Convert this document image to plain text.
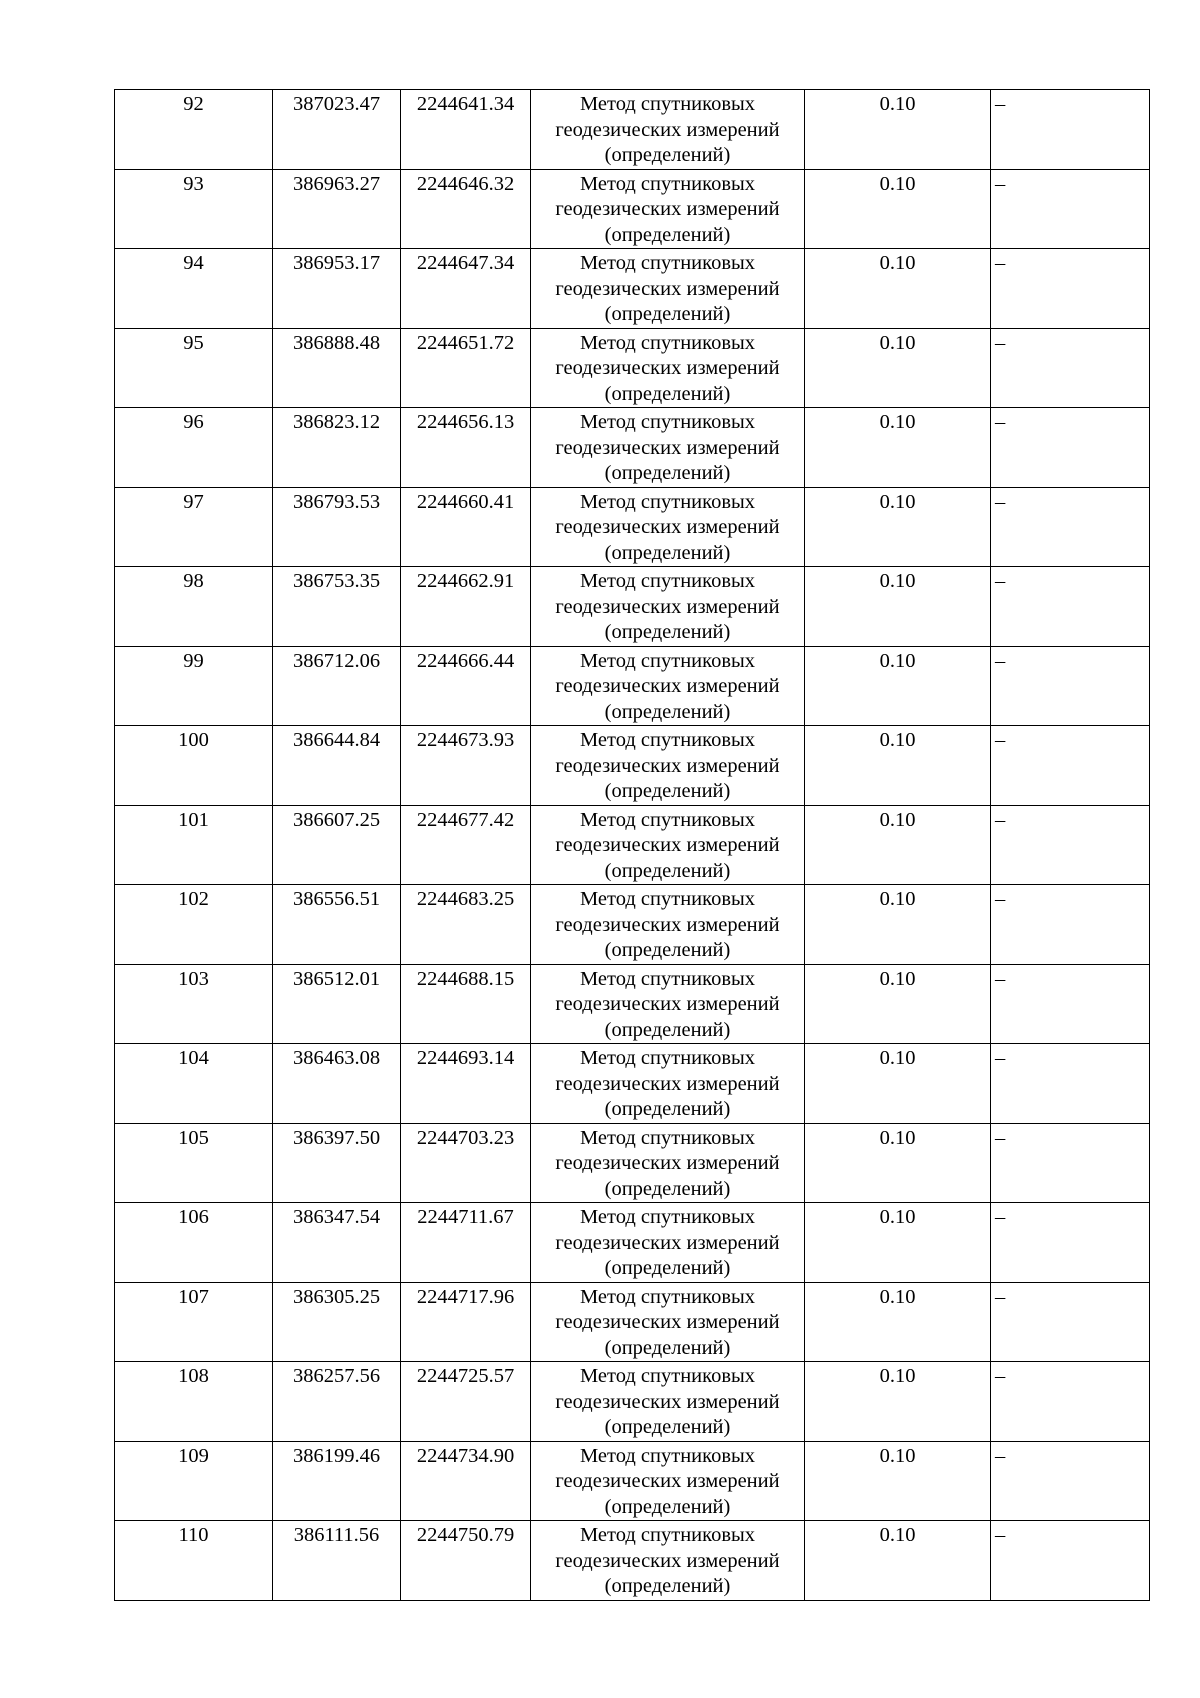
92	387023.47	2244641.34	Метод спутниковых
геодезических измерений
(определений)	0.10	–
93	386963.27	2244646.32	Метод спутниковых
геодезических измерений
(определений)	0.10	–
94	386953.17	2244647.34	Метод спутниковых
геодезических измерений
(определений)	0.10	–
95	386888.48	2244651.72	Метод спутниковых
геодезических измерений
(определений)	0.10	–
96	386823.12	2244656.13	Метод спутниковых
геодезических измерений
(определений)	0.10	–
97	386793.53	2244660.41	Метод спутниковых
геодезических измерений
(определений)	0.10	–
98	386753.35	2244662.91	Метод спутниковых
геодезических измерений
(определений)	0.10	–
99	386712.06	2244666.44	Метод спутниковых
геодезических измерений
(определений)	0.10	–
100	386644.84	2244673.93	Метод спутниковых
геодезических измерений
(определений)	0.10	–
101	386607.25	2244677.42	Метод спутниковых
геодезических измерений
(определений)	0.10	–
102	386556.51	2244683.25	Метод спутниковых
геодезических измерений
(определений)	0.10	–
103	386512.01	2244688.15	Метод спутниковых
геодезических измерений
(определений)	0.10	–
104	386463.08	2244693.14	Метод спутниковых
геодезических измерений
(определений)	0.10	–
105	386397.50	2244703.23	Метод спутниковых
геодезических измерений
(определений)	0.10	–
106	386347.54	2244711.67	Метод спутниковых
геодезических измерений
(определений)	0.10	–
107	386305.25	2244717.96	Метод спутниковых
геодезических измерений
(определений)	0.10	–
108	386257.56	2244725.57	Метод спутниковых
геодезических измерений
(определений)	0.10	–
109	386199.46	2244734.90	Метод спутниковых
геодезических измерений
(определений)	0.10	–
110	386111.56	2244750.79	Метод спутниковых
геодезических измерений
(определений)	0.10	–
